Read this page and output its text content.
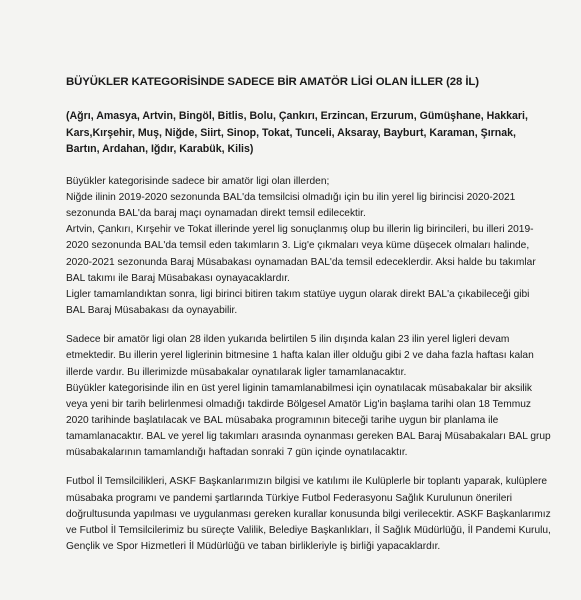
BÜYÜKLER KATEGORİSİNDE SADECE BİR AMATÖR LİGİ OLAN İLLER (28 İL)
(Ağrı, Amasya, Artvin, Bingöl, Bitlis, Bolu, Çankırı, Erzincan, Erzurum, Gümüşhane, Hakkari, Kars,Kırşehir, Muş, Niğde, Siirt, Sinop, Tokat, Tunceli, Aksaray, Bayburt, Karaman, Şırnak, Bartın, Ardahan, Iğdır, Karabük, Kilis)

Büyükler kategorisinde sadece bir amatör ligi olan illerden;

Niğde ilinin 2019-2020 sezonunda BAL'da temsilcisi olmadığı için bu ilin yerel lig birincisi 2020-2021 sezonunda BAL'da baraj maçı oynamadan direkt temsil edilecektir.

Artvin, Çankırı, Kırşehir ve Tokat illerinde yerel lig sonuçlanmış olup bu illerin lig birincileri, bu illeri 2019-2020 sezonunda BAL'da temsil eden takımların 3. Lig'e çıkmaları veya küme düşecek olmaları halinde, 2020-2021 sezonunda Baraj Müsabakası oynamadan BAL'da temsil edeceklerdir. Aksi halde bu takımlar BAL takımı ile Baraj Müsabakası oynayacaklardır.

Ligler tamamlandıktan sonra, ligi birinci bitiren takım statüye uygun olarak direkt BAL'a çıkabileceği gibi BAL Baraj Müsabakası da oynayabilir.

Sadece bir amatör ligi olan 28 ilden yukarıda belirtilen 5 ilin dışında kalan 23 ilin yerel ligleri devam etmektedir. Bu illerin yerel liglerinin bitmesine 1 hafta kalan iller olduğu gibi 2 ve daha fazla haftası kalan illerde vardır. Bu illerimizde müsabakalar oynatılarak ligler tamamlanacaktır.

Büyükler kategorisinde ilin en üst yerel liginin tamamlanabilmesi için oynatılacak müsabakalar bir aksilik veya yeni bir tarih belirlenmesi olmadığı takdirde Bölgesel Amatör Lig'in başlama tarihi olan 18 Temmuz 2020 tarihinde başlatılacak ve BAL müsabaka programının biteceği tarihe uygun bir planlama ile tamamlanacaktır. BAL ve yerel lig takımları arasında oynanması gereken BAL Baraj Müsabakaları BAL grup müsabakalarının tamamlandığı haftadan sonraki 7 gün içinde oynatılacaktır.

Futbol İl Temsilcilikleri, ASKF Başkanlarımızın bilgisi ve katılımı ile Kulüplerle bir toplantı yaparak, kulüplere müsabaka programı ve pandemi şartlarında Türkiye Futbol Federasyonu Sağlık Kurulunun önerileri doğrultusunda yapılması ve uygulanması gereken kurallar konusunda bilgi verilecektir. ASKF Başkanlarımız ve Futbol İl Temsilcilerimiz bu süreçte Valilik, Belediye Başkanlıkları, İl Sağlık Müdürlüğü, İl Pandemi Kurulu, Gençlik ve Spor Hizmetleri İl Müdürlüğü ve taban birlikleriyle iş birliği yapacaklardır.
